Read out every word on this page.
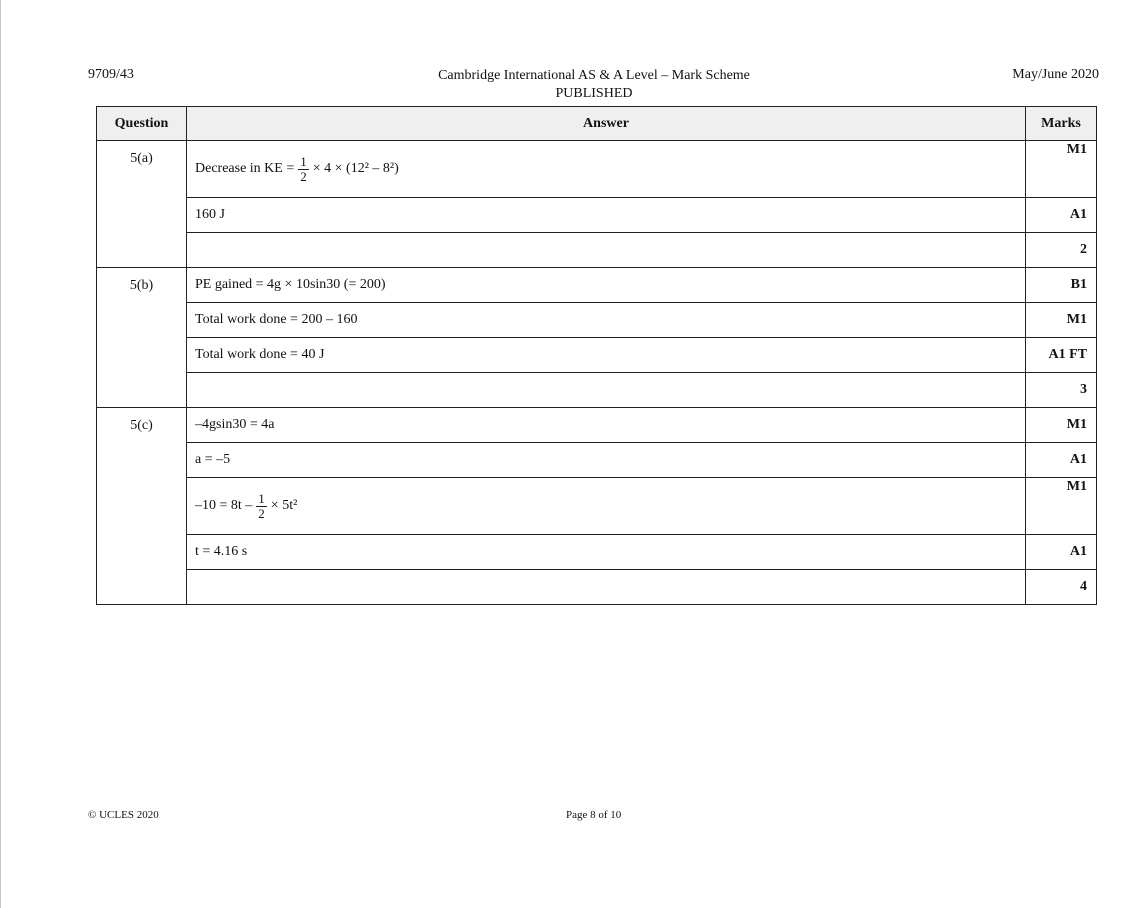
9709/43	Cambridge International AS & A Level – Mark Scheme
PUBLISHED
May/June 2020
Question	Answer	Marks
5(a)	Decrease in KE = $\frac{1}{2} \times 4 \times (12^2 - 8^2)$	M1
	160 J	A1
		2
5(b)	PE gained = 4g × 10sin30 (= 200)	B1
	Total work done = 200 – 160	M1
	Total work done = 40 J	A1 FT
		3
5(c)	–4gsin30 = 4a	M1
	a = –5	A1

	$-10 = 8t - \frac{1}{2} \times 5t^2$	M1
	t = 4.16 s	A1
		4
© UCLES 2020	Page 8 of 10
